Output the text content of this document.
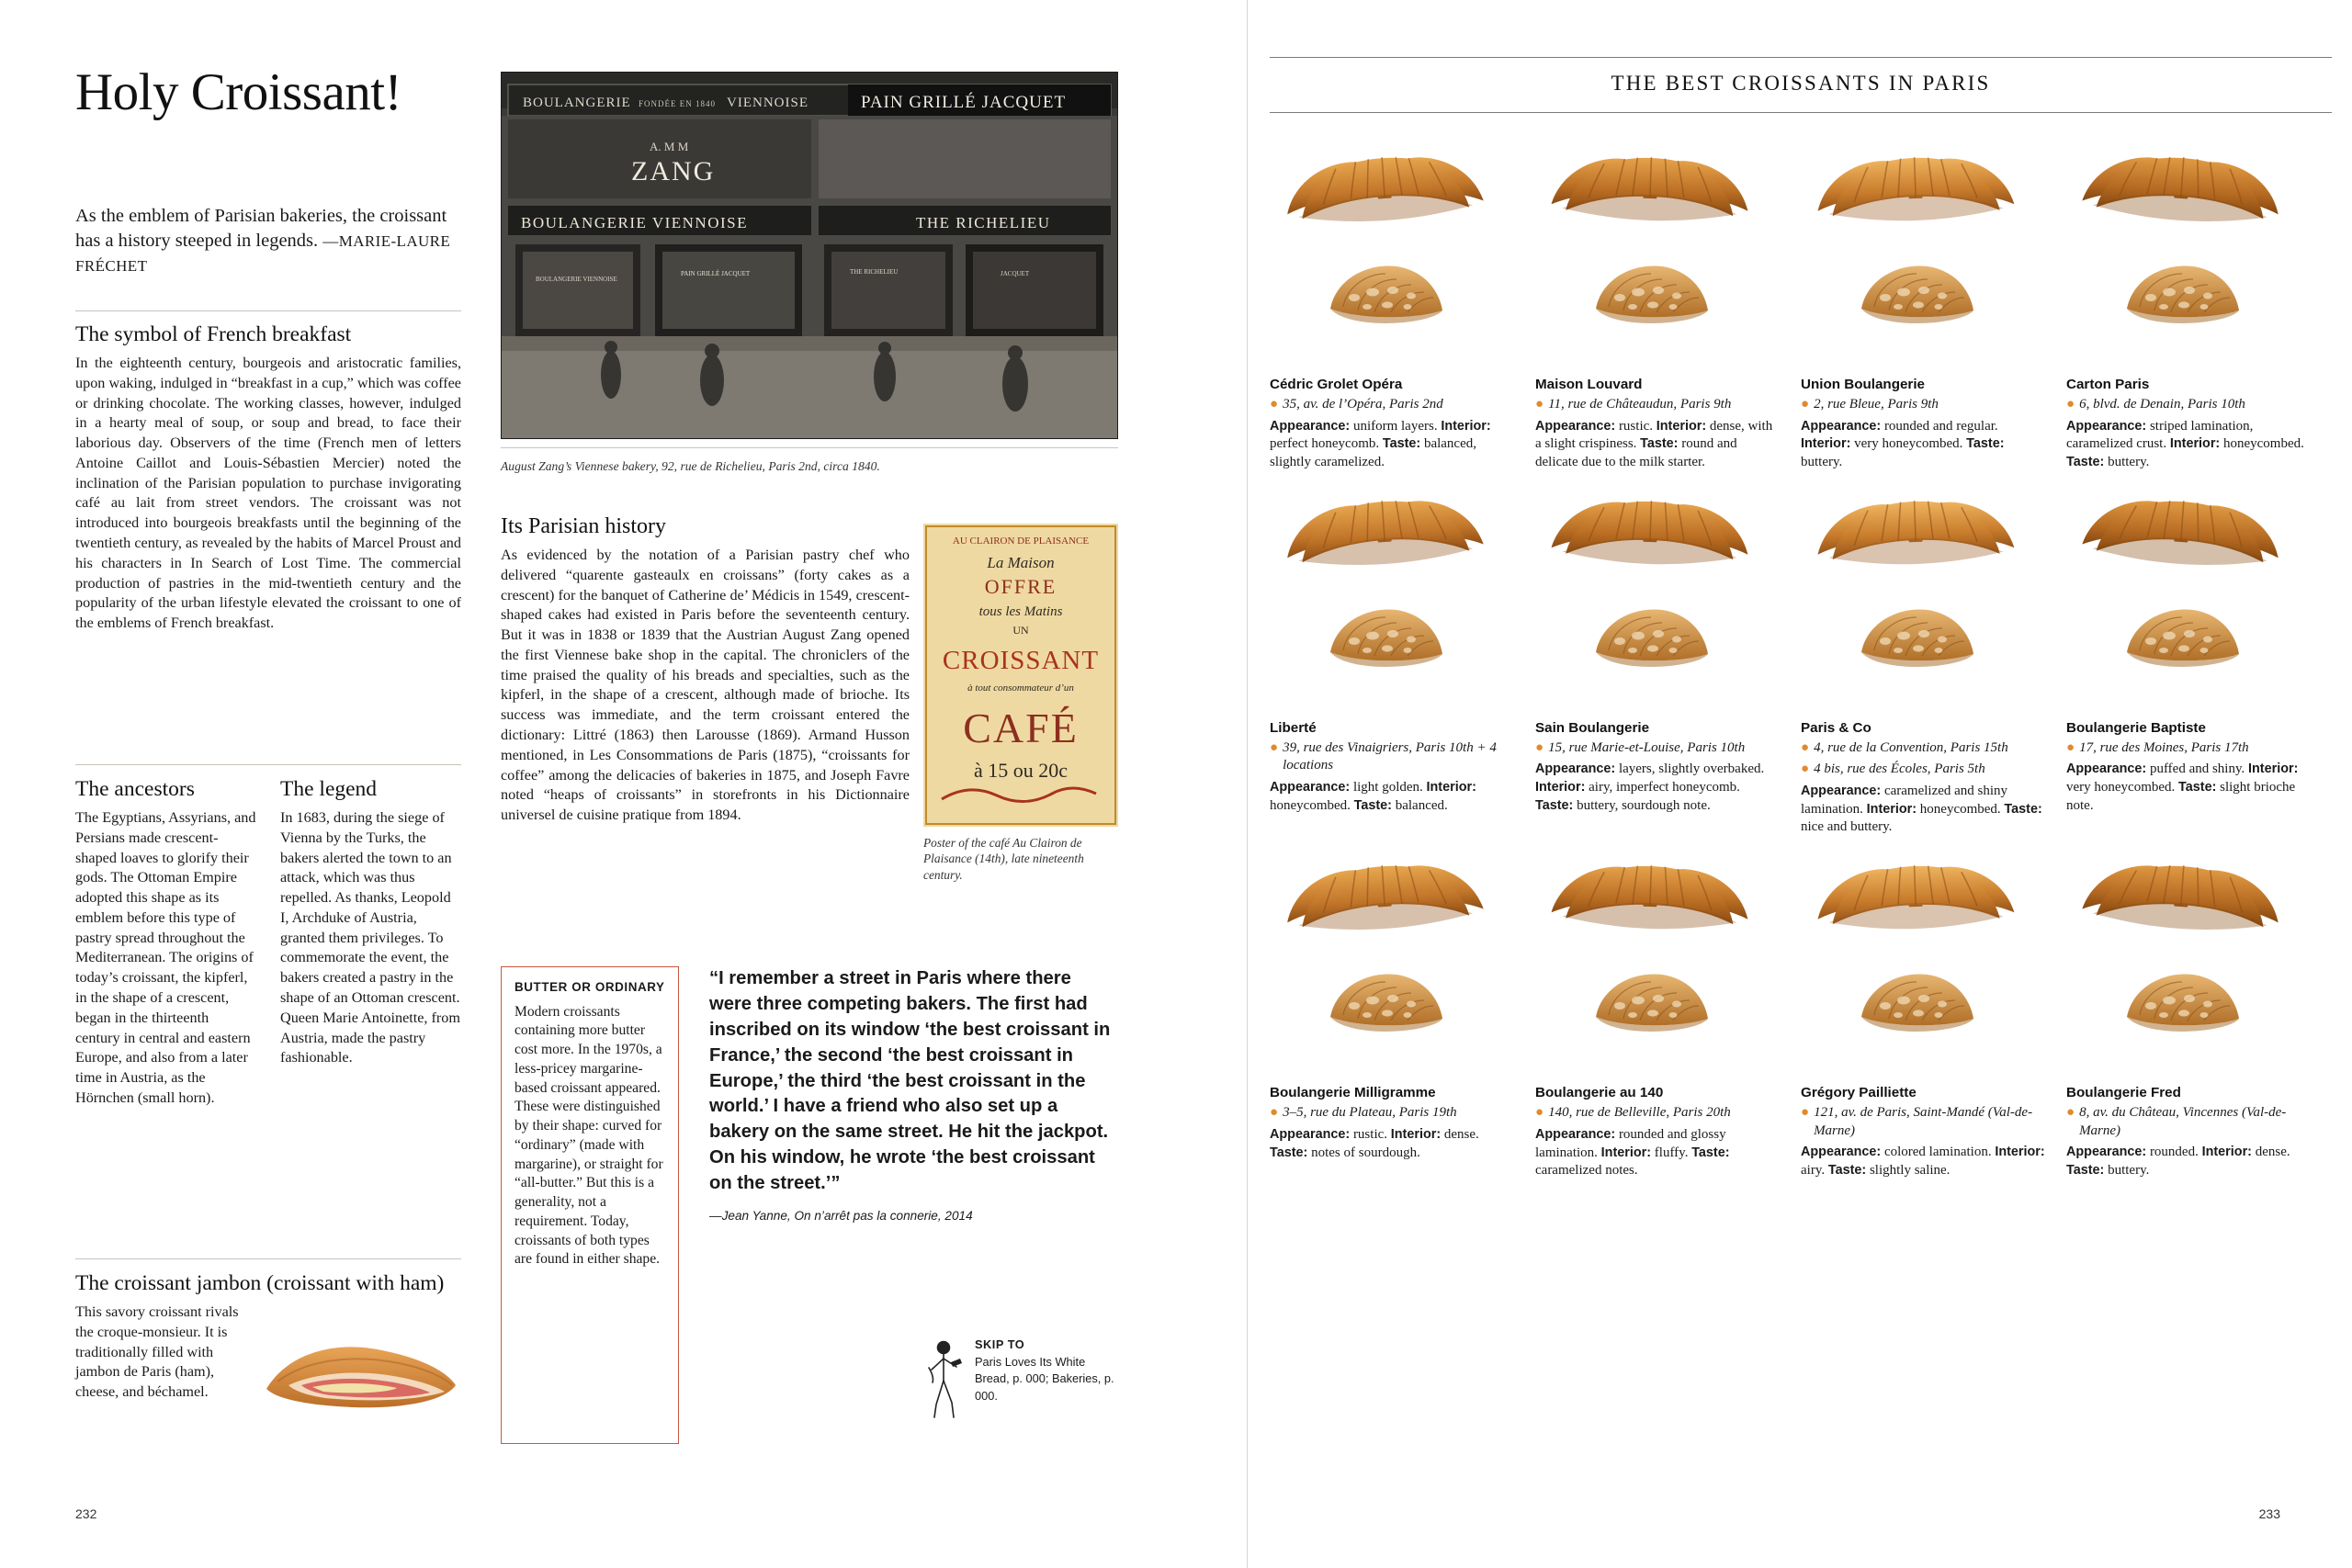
Holy Croissant!
As the emblem of Parisian bakeries, the croissant has a history steeped in legends. —MARIE-LAURE FRÉCHET
The symbol of French breakfast
In the eighteenth century, bourgeois and aristocratic families, upon waking, indulged in “breakfast in a cup,” which was coffee or drinking chocolate. The working classes, however, indulged in a hearty meal of soup, or soup and bread, to face their laborious day. Observers of the time (French men of letters Antoine Caillot and Louis-Sébastien Mercier) noted the inclination of the Parisian population to purchase invigorating café au lait from street vendors. The croissant was not introduced into bourgeois breakfasts until the beginning of the twentieth century, as revealed by the habits of Marcel Proust and his characters in In Search of Lost Time. The commercial production of pastries in the mid-twentieth century and the popularity of the urban lifestyle elevated the croissant to one of the emblems of French breakfast.
The ancestors
The Egyptians, Assyrians, and Persians made crescent-shaped loaves to glorify their gods. The Ottoman Empire adopted this shape as its emblem before this type of pastry spread throughout the Mediterranean. The origins of today’s croissant, the kipferl, in the shape of a crescent, began in the thirteenth century in central and eastern Europe, and also from a later time in Austria, as the Hörnchen (small horn).
The legend
In 1683, during the siege of Vienna by the Turks, the bakers alerted the town to an attack, which was thus repelled. As thanks, Leopold I, Archduke of Austria, granted them privileges. To commemorate the event, the bakers created a pastry in the shape of an Ottoman crescent. Queen Marie Antoinette, from Austria, made the pastry fashionable.
The croissant jambon (croissant with ham)
This savory croissant rivals the croque-monsieur. It is traditionally filled with jambon de Paris (ham), cheese, and béchamel.
BOULANGERIE FONDÉE EN 1840 VIENNOISE	PAIN GRILLÉ JACQUET
A. M M
ZANG
BOULANGERIE VIENNOISE	THE RICHELIEU
BOULANGERIE VIENNOISE
PAIN GRILLÉ JACQUET	THE RICHELIEU	JACQUET
August Zang’s Viennese bakery, 92, rue de Richelieu, Paris 2nd, circa 1840.
Its Parisian history
As evidenced by the notation of a Parisian pastry chef who delivered “quarente gasteaulx en croissans” (forty cakes as a crescent) for the banquet of Catherine de’ Médicis in 1549, crescent-shaped cakes had existed in Paris before the seventeenth century. But it was in 1838 or 1839 that the Austrian August Zang opened the first Viennese bake shop in the capital. The chroniclers of the time praised the quality of his breads and specialties, such as the kipferl, in the shape of a crescent, although made of brioche. Its success was immediate, and the term croissant entered the dictionary: Littré (1863) then Larousse (1869). Armand Husson mentioned, in Les Consommations de Paris (1875), “croissants for coffee” among the delicacies of bakeries in 1875, and Joseph Favre noted “heaps of croissants” in storefronts in his Dictionnaire universel de cuisine pratique from 1894.
AU CLAIRON DE PLAISANCE
La Maison
OFFRE
tous les Matins
UN
CROISSANT
à tout consommateur d’un
CAFÉ
à 15 ou 20c
Poster of the café Au Clairon de Plaisance (14th), late nineteenth century.
BUTTER OR ORDINARY
Modern croissants containing more butter cost more. In the 1970s, a less-pricey margarine-based croissant appeared. These were distinguished by their shape: curved for “ordinary” (made with margarine), or straight for “all-butter.” But this is a generality, not a requirement. Today, croissants of both types are found in either shape.

“I remember a street in Paris where there were three competing bakers. The first had inscribed on its window ‘the best croissant in France,’ the second ‘the best croissant in Europe,’ the third ‘the best croissant in the world.’ I have a friend who also set up a bakery on the same street. He hit the jackpot. On his window, he wrote ‘the best croissant on the street.’”

—Jean Yanne, On n’arrêt pas la connerie, 2014
SKIP TO
Paris Loves Its White Bread, p. 000; Bakeries, p. 000.
232
THE BEST CROISSANTS IN PARIS
Cédric Grolet Opéra
● 35, av. de l’Opéra, Paris 2nd
Appearance: uniform layers. Interior: perfect honeycomb. Taste: balanced, slightly caramelized.
Maison Louvard
● 11, rue de Châteaudun, Paris 9th
Appearance: rustic. Interior: dense, with a slight crispiness. Taste: round and delicate due to the milk starter.
Union Boulangerie
● 2, rue Bleue, Paris 9th
Appearance: rounded and regular. Interior: very honeycombed. Taste: buttery.
Carton Paris
● 6, blvd. de Denain, Paris 10th
Appearance: striped lamination, caramelized crust. Interior: honeycombed. Taste: buttery.
Liberté
● 39, rue des Vinaigriers, Paris 10th + 4 locations
Appearance: light golden. Interior: honeycombed. Taste: balanced.
Sain Boulangerie
● 15, rue Marie-et-Louise, Paris 10th
Appearance: layers, slightly overbaked. Interior: airy, imperfect honeycomb. Taste: buttery, sourdough note.
Paris & Co
● 4, rue de la Convention, Paris 15th
● 4 bis, rue des Écoles, Paris 5th
Appearance: caramelized and shiny lamination. Interior: honeycombed. Taste: nice and buttery.
Boulangerie Baptiste
● 17, rue des Moines, Paris 17th
Appearance: puffed and shiny. Interior: very honeycombed. Taste: slight brioche note.
Boulangerie Milligramme
● 3–5, rue du Plateau, Paris 19th
Appearance: rustic. Interior: dense. Taste: notes of sourdough.
Boulangerie au 140
● 140, rue de Belleville, Paris 20th
Appearance: rounded and glossy lamination. Interior: fluffy. Taste: caramelized notes.
Grégory Pailliette
● 121, av. de Paris, Saint-Mandé (Val-de-Marne)
Appearance: colored lamination. Interior: airy. Taste: slightly saline.
Boulangerie Fred
● 8, av. du Château, Vincennes (Val-de-Marne)
Appearance: rounded. Interior: dense. Taste: buttery.
233
